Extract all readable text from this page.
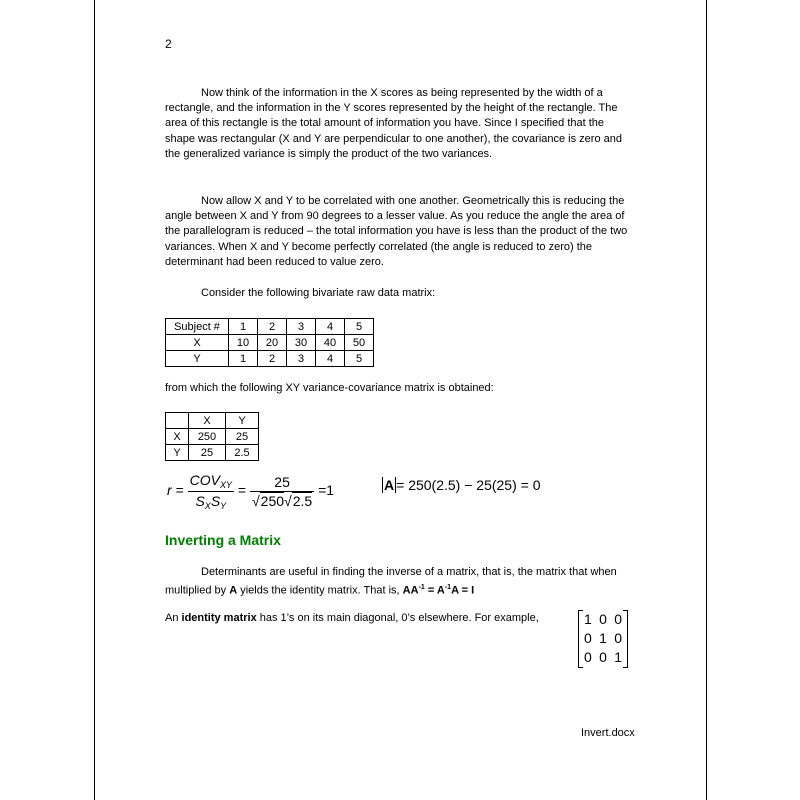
2

Now think of the information in the X scores as being represented by the width of a rectangle, and the information in the Y scores represented by the height of the rectangle. The area of this rectangle is the total amount of information you have. Since I specified that the shape was rectangular (X and Y are perpendicular to one another), the covariance is zero and the generalized variance is simply the product of the two variances.

Now allow X and Y to be correlated with one another. Geometrically this is reducing the angle between X and Y from 90 degrees to a lesser value. As you reduce the angle the area of the parallelogram is reduced – the total information you have is less than the product of the two variances. When X and Y become perfectly correlated (the angle is reduced to zero) the determinant had been reduced to value zero.

Consider the following bivariate raw data matrix:

Subject #	1	2	3	4	5
X	10	20	30	40	50
Y	1	2	3	4	5

from which the following XY variance-covariance matrix is obtained:

	X	Y
X	250	25
Y	25	2.5
$r = \frac{COV_{XY}}{S_XS_Y} = \frac{25}{√250√2.5} =1$	A = 250(2.5) − 25(25) = 0
Inverting a Matrix

Determinants are useful in finding the inverse of a matrix, that is, the matrix that when multiplied by A yields the identity matrix. That is, $AA^{-1} = A^{-1}A = I$

An identity matrix has 1’s on its main diagonal, 0’s elsewhere. For example,	1 0 0
0 1 0
0 0 1
Invert.docx
